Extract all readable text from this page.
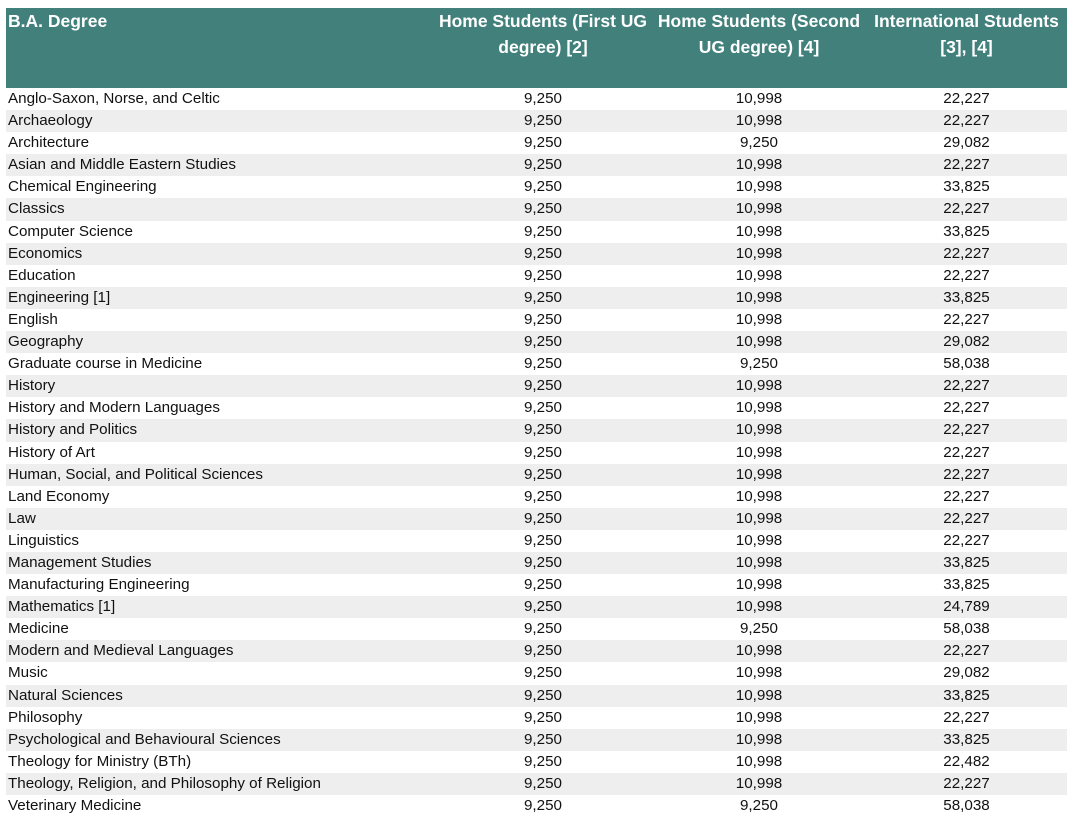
B.A. Degree	Home Students (First UG degree) [2]	Home Students (Second UG degree) [4]	International Students [3], [4]
Anglo-Saxon, Norse, and Celtic	9,250	10,998	22,227
Archaeology	9,250	10,998	22,227
Architecture	9,250	9,250	29,082
Asian and Middle Eastern Studies	9,250	10,998	22,227
Chemical Engineering	9,250	10,998	33,825
Classics	9,250	10,998	22,227
Computer Science	9,250	10,998	33,825
Economics	9,250	10,998	22,227
Education	9,250	10,998	22,227
Engineering [1]	9,250	10,998	33,825
English	9,250	10,998	22,227
Geography	9,250	10,998	29,082
Graduate course in Medicine	9,250	9,250	58,038
History	9,250	10,998	22,227
History and Modern Languages	9,250	10,998	22,227
History and Politics	9,250	10,998	22,227
History of Art	9,250	10,998	22,227
Human, Social, and Political Sciences	9,250	10,998	22,227
Land Economy	9,250	10,998	22,227
Law	9,250	10,998	22,227
Linguistics	9,250	10,998	22,227
Management Studies	9,250	10,998	33,825
Manufacturing Engineering	9,250	10,998	33,825
Mathematics [1]	9,250	10,998	24,789
Medicine	9,250	9,250	58,038
Modern and Medieval Languages	9,250	10,998	22,227
Music	9,250	10,998	29,082
Natural Sciences	9,250	10,998	33,825
Philosophy	9,250	10,998	22,227
Psychological and Behavioural Sciences	9,250	10,998	33,825
Theology for Ministry (BTh)	9,250	10,998	22,482
Theology, Religion, and Philosophy of Religion	9,250	10,998	22,227
Veterinary Medicine	9,250	9,250	58,038
